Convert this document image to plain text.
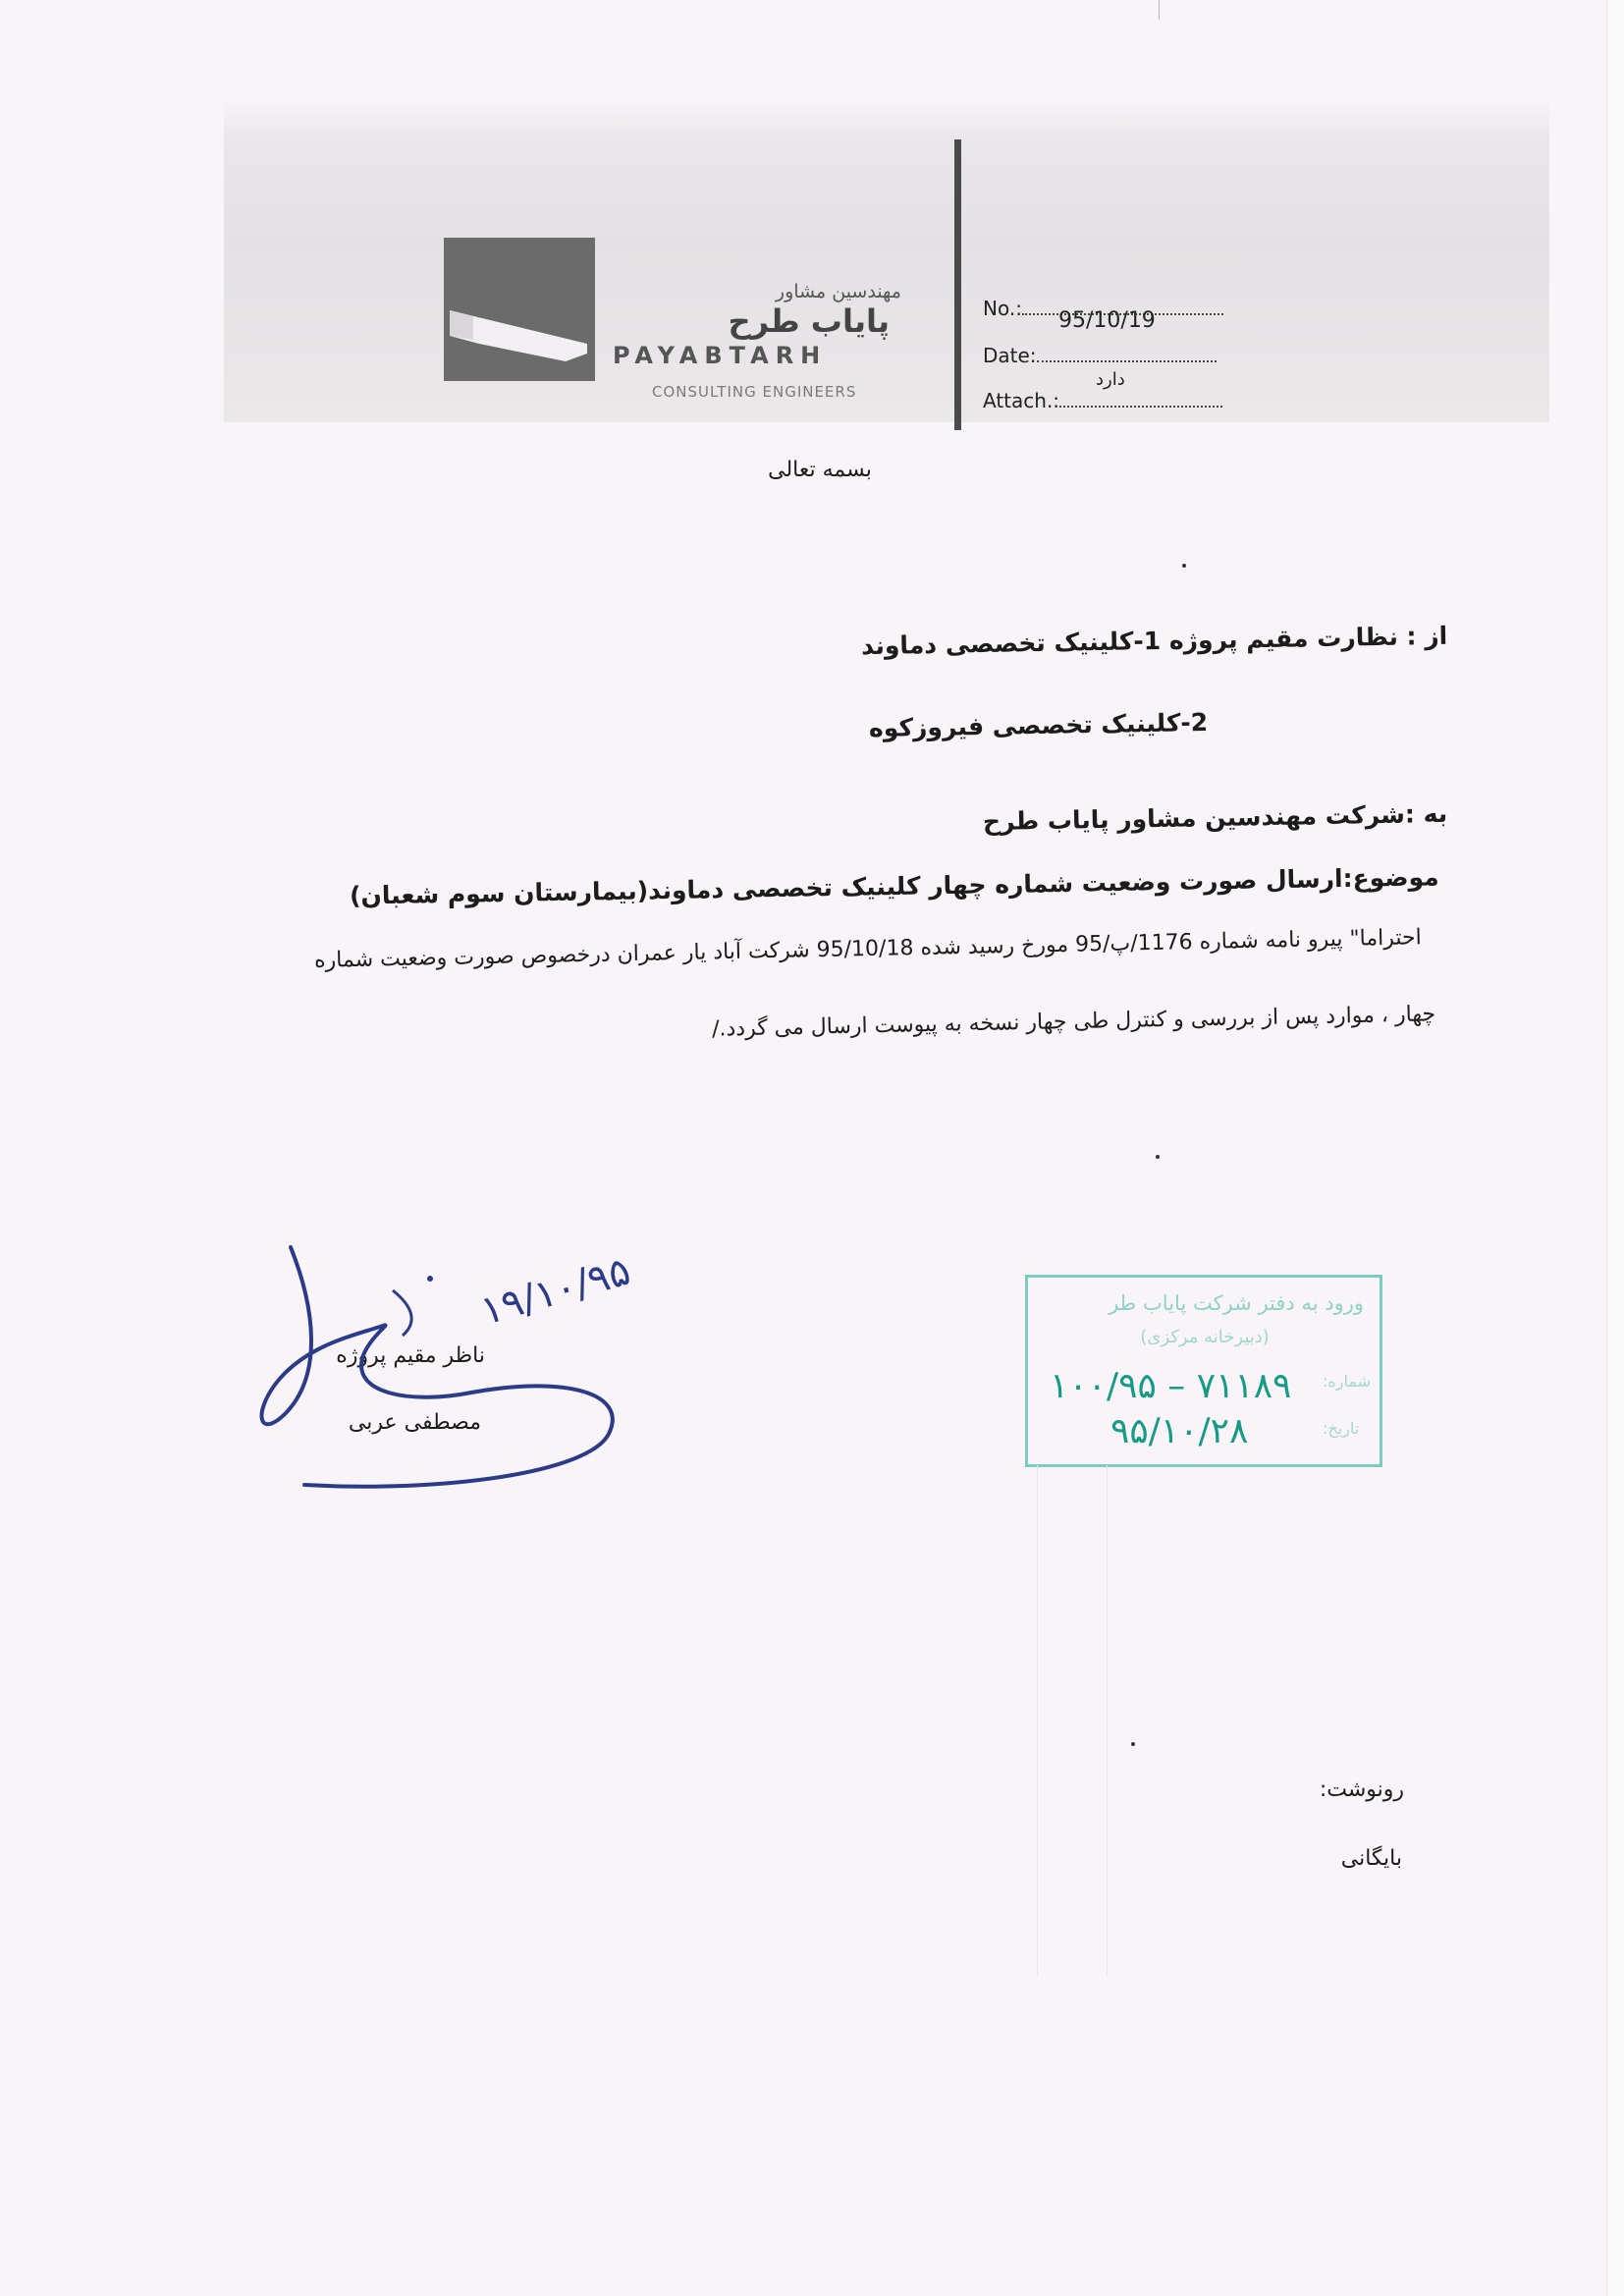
مهندسین مشاور
پایاب طرح
PAYABTARH
CONSULTING ENGINEERS
No.:	95/10/19
Date:
Attach.:
دارد
بسمه تعالی
از : نظارت مقیم پروژه 1-کلینیک تخصصی دماوند
2-کلینیک تخصصی فیروزکوه
به :شرکت مهندسین مشاور پایاب طرح
موضوع:ارسال صورت وضعیت شماره چهار کلینیک تخصصی دماوند(بیمارستان سوم شعبان)
احتراما" پیرو نامه شماره 1176/پ/95 مورخ رسید شده 95/10/18 شرکت آباد یار عمران درخصوص صورت وضعیت شماره
چهار ، موارد پس از بررسی و کنترل طی چهار نسخه به پیوست ارسال می گردد./
ناظر مقیم پروژه
مصطفی عربی
۱۹/۱۰/۹۵	ورود به دفتر شرکت پایاب طر
(دبیرخانه مرکزی)
شماره:
۱۰۰/۹۵ – ۷۱۱۸۹
تاریخ:
۹۵/۱۰/۲۸
رونوشت:
بایگانی
